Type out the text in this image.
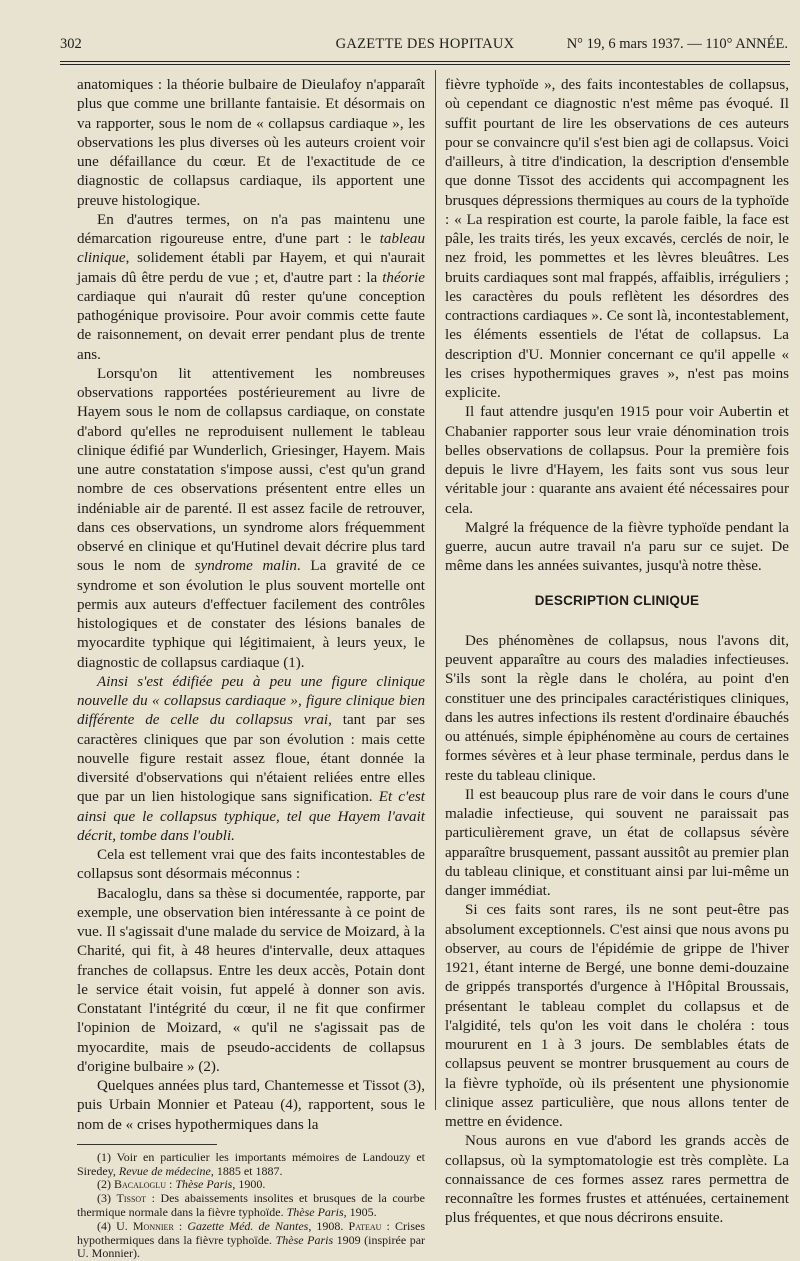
302	GAZETTE DES HOPITAUX	N° 19, 6 mars 1937. — 110° ANNÉE.

anatomiques : la théorie bulbaire de Dieulafoy n'apparaît plus que comme une brillante fantaisie. Et désormais on va rapporter, sous le nom de « collapsus cardiaque », les observations les plus diverses où les auteurs croient voir une défaillance du cœur. Et de l'exactitude de ce diagnostic de collapsus cardiaque, ils apportent une preuve histologique.

En d'autres termes, on n'a pas maintenu une démarcation rigoureuse entre, d'une part : le tableau clinique, solidement établi par Hayem, et qui n'aurait jamais dû être perdu de vue ; et, d'autre part : la théorie cardiaque qui n'aurait dû rester qu'une conception pathogénique provisoire. Pour avoir commis cette faute de raisonnement, on devait errer pendant plus de trente ans.

Lorsqu'on lit attentivement les nombreuses observations rapportées postérieurement au livre de Hayem sous le nom de collapsus cardiaque, on constate d'abord qu'elles ne reproduisent nullement le tableau clinique édifié par Wunderlich, Griesinger, Hayem. Mais une autre constatation s'impose aussi, c'est qu'un grand nombre de ces observations présentent entre elles un indéniable air de parenté. Il est assez facile de retrouver, dans ces observations, un syndrome alors fréquemment observé en clinique et qu'Hutinel devait décrire plus tard sous le nom de syndrome malin. La gravité de ce syndrome et son évolution le plus souvent mortelle ont permis aux auteurs d'effectuer facilement des contrôles histologiques et de constater des lésions banales de myocardite typhique qui légitimaient, à leurs yeux, le diagnostic de collapsus cardiaque (1).

Ainsi s'est édifiée peu à peu une figure clinique nouvelle du « collapsus cardiaque », figure clinique bien différente de celle du collapsus vrai, tant par ses caractères cliniques que par son évolution : mais cette nouvelle figure restait assez floue, étant donnée la diversité d'observations qui n'étaient reliées entre elles que par un lien histologique sans signification. Et c'est ainsi que le collapsus typhique, tel que Hayem l'avait décrit, tombe dans l'oubli.

Cela est tellement vrai que des faits incontestables de collapsus sont désormais méconnus :

Bacaloglu, dans sa thèse si documentée, rapporte, par exemple, une observation bien intéressante à ce point de vue. Il s'agissait d'une malade du service de Moizard, à la Charité, qui fit, à 48 heures d'intervalle, deux attaques franches de collapsus. Entre les deux accès, Potain dont le service était voisin, fut appelé à donner son avis. Constatant l'intégrité du cœur, il ne fit que confirmer l'opinion de Moizard, « qu'il ne s'agissait pas de myocardite, mais de pseudo-accidents de collapsus d'origine bulbaire » (2).

Quelques années plus tard, Chantemesse et Tissot (3), puis Urbain Monnier et Pateau (4), rapportent, sous le nom de « crises hypothermiques dans la

(1) Voir en particulier les importants mémoires de Landouzy et Siredey, Revue de médecine, 1885 et 1887.

(2) Bacaloglu : Thèse Paris, 1900.

(3) Tissot : Des abaissements insolites et brusques de la courbe thermique normale dans la fièvre typhoïde. Thèse Paris, 1905.

(4) U. Monnier : Gazette Méd. de Nantes, 1908. Pateau : Crises hypothermiques dans la fièvre typhoïde. Thèse Paris 1909 (inspirée par U. Monnier).

fièvre typhoïde », des faits incontestables de collapsus, où cependant ce diagnostic n'est même pas évoqué. Il suffit pourtant de lire les observations de ces auteurs pour se convaincre qu'il s'est bien agi de collapsus. Voici d'ailleurs, à titre d'indication, la description d'ensemble que donne Tissot des accidents qui accompagnent les brusques dépressions thermiques au cours de la typhoïde : « La respiration est courte, la parole faible, la face est pâle, les traits tirés, les yeux excavés, cerclés de noir, le nez froid, les pommettes et les lèvres bleuâtres. Les bruits cardiaques sont mal frappés, affaiblis, irréguliers ; les caractères du pouls reflètent les désordres des contractions cardiaques ». Ce sont là, incontestablement, les éléments essentiels de l'état de collapsus. La description d'U. Monnier concernant ce qu'il appelle « les crises hypothermiques graves », n'est pas moins explicite.

Il faut attendre jusqu'en 1915 pour voir Aubertin et Chabanier rapporter sous leur vraie dénomination trois belles observations de collapsus. Pour la première fois depuis le livre d'Hayem, les faits sont vus sous leur véritable jour : quarante ans avaient été nécessaires pour cela.

Malgré la fréquence de la fièvre typhoïde pendant la guerre, aucun autre travail n'a paru sur ce sujet. De même dans les années suivantes, jusqu'à notre thèse.

DESCRIPTION CLINIQUE

Des phénomènes de collapsus, nous l'avons dit, peuvent apparaître au cours des maladies infectieuses. S'ils sont la règle dans le choléra, au point d'en constituer une des principales caractéristiques cliniques, dans les autres infections ils restent d'ordinaire ébauchés ou atténués, simple épiphénomène au cours de certaines formes sévères et à leur phase terminale, perdus dans le reste du tableau clinique.

Il est beaucoup plus rare de voir dans le cours d'une maladie infectieuse, qui souvent ne paraissait pas particulièrement grave, un état de collapsus sévère apparaître brusquement, passant aussitôt au premier plan du tableau clinique, et constituant ainsi par lui-même un danger immédiat.

Si ces faits sont rares, ils ne sont peut-être pas absolument exceptionnels. C'est ainsi que nous avons pu observer, au cours de l'épidémie de grippe de l'hiver 1921, étant interne de Bergé, une bonne demi-douzaine de grippés transportés d'urgence à l'Hôpital Broussais, présentant le tableau complet du collapsus et de l'algidité, tels qu'on les voit dans le choléra : tous moururent en 1 à 3 jours. De semblables états de collapsus peuvent se montrer brusquement au cours de la fièvre typhoïde, où ils présentent une physionomie clinique assez particulière, que nous allons tenter de mettre en évidence.

Nous aurons en vue d'abord les grands accès de collapsus, où la symptomatologie est très complète. La connaissance de ces formes assez rares permettra de reconnaître les formes frustes et atténuées, certainement plus fréquentes, et que nous décrirons ensuite.
